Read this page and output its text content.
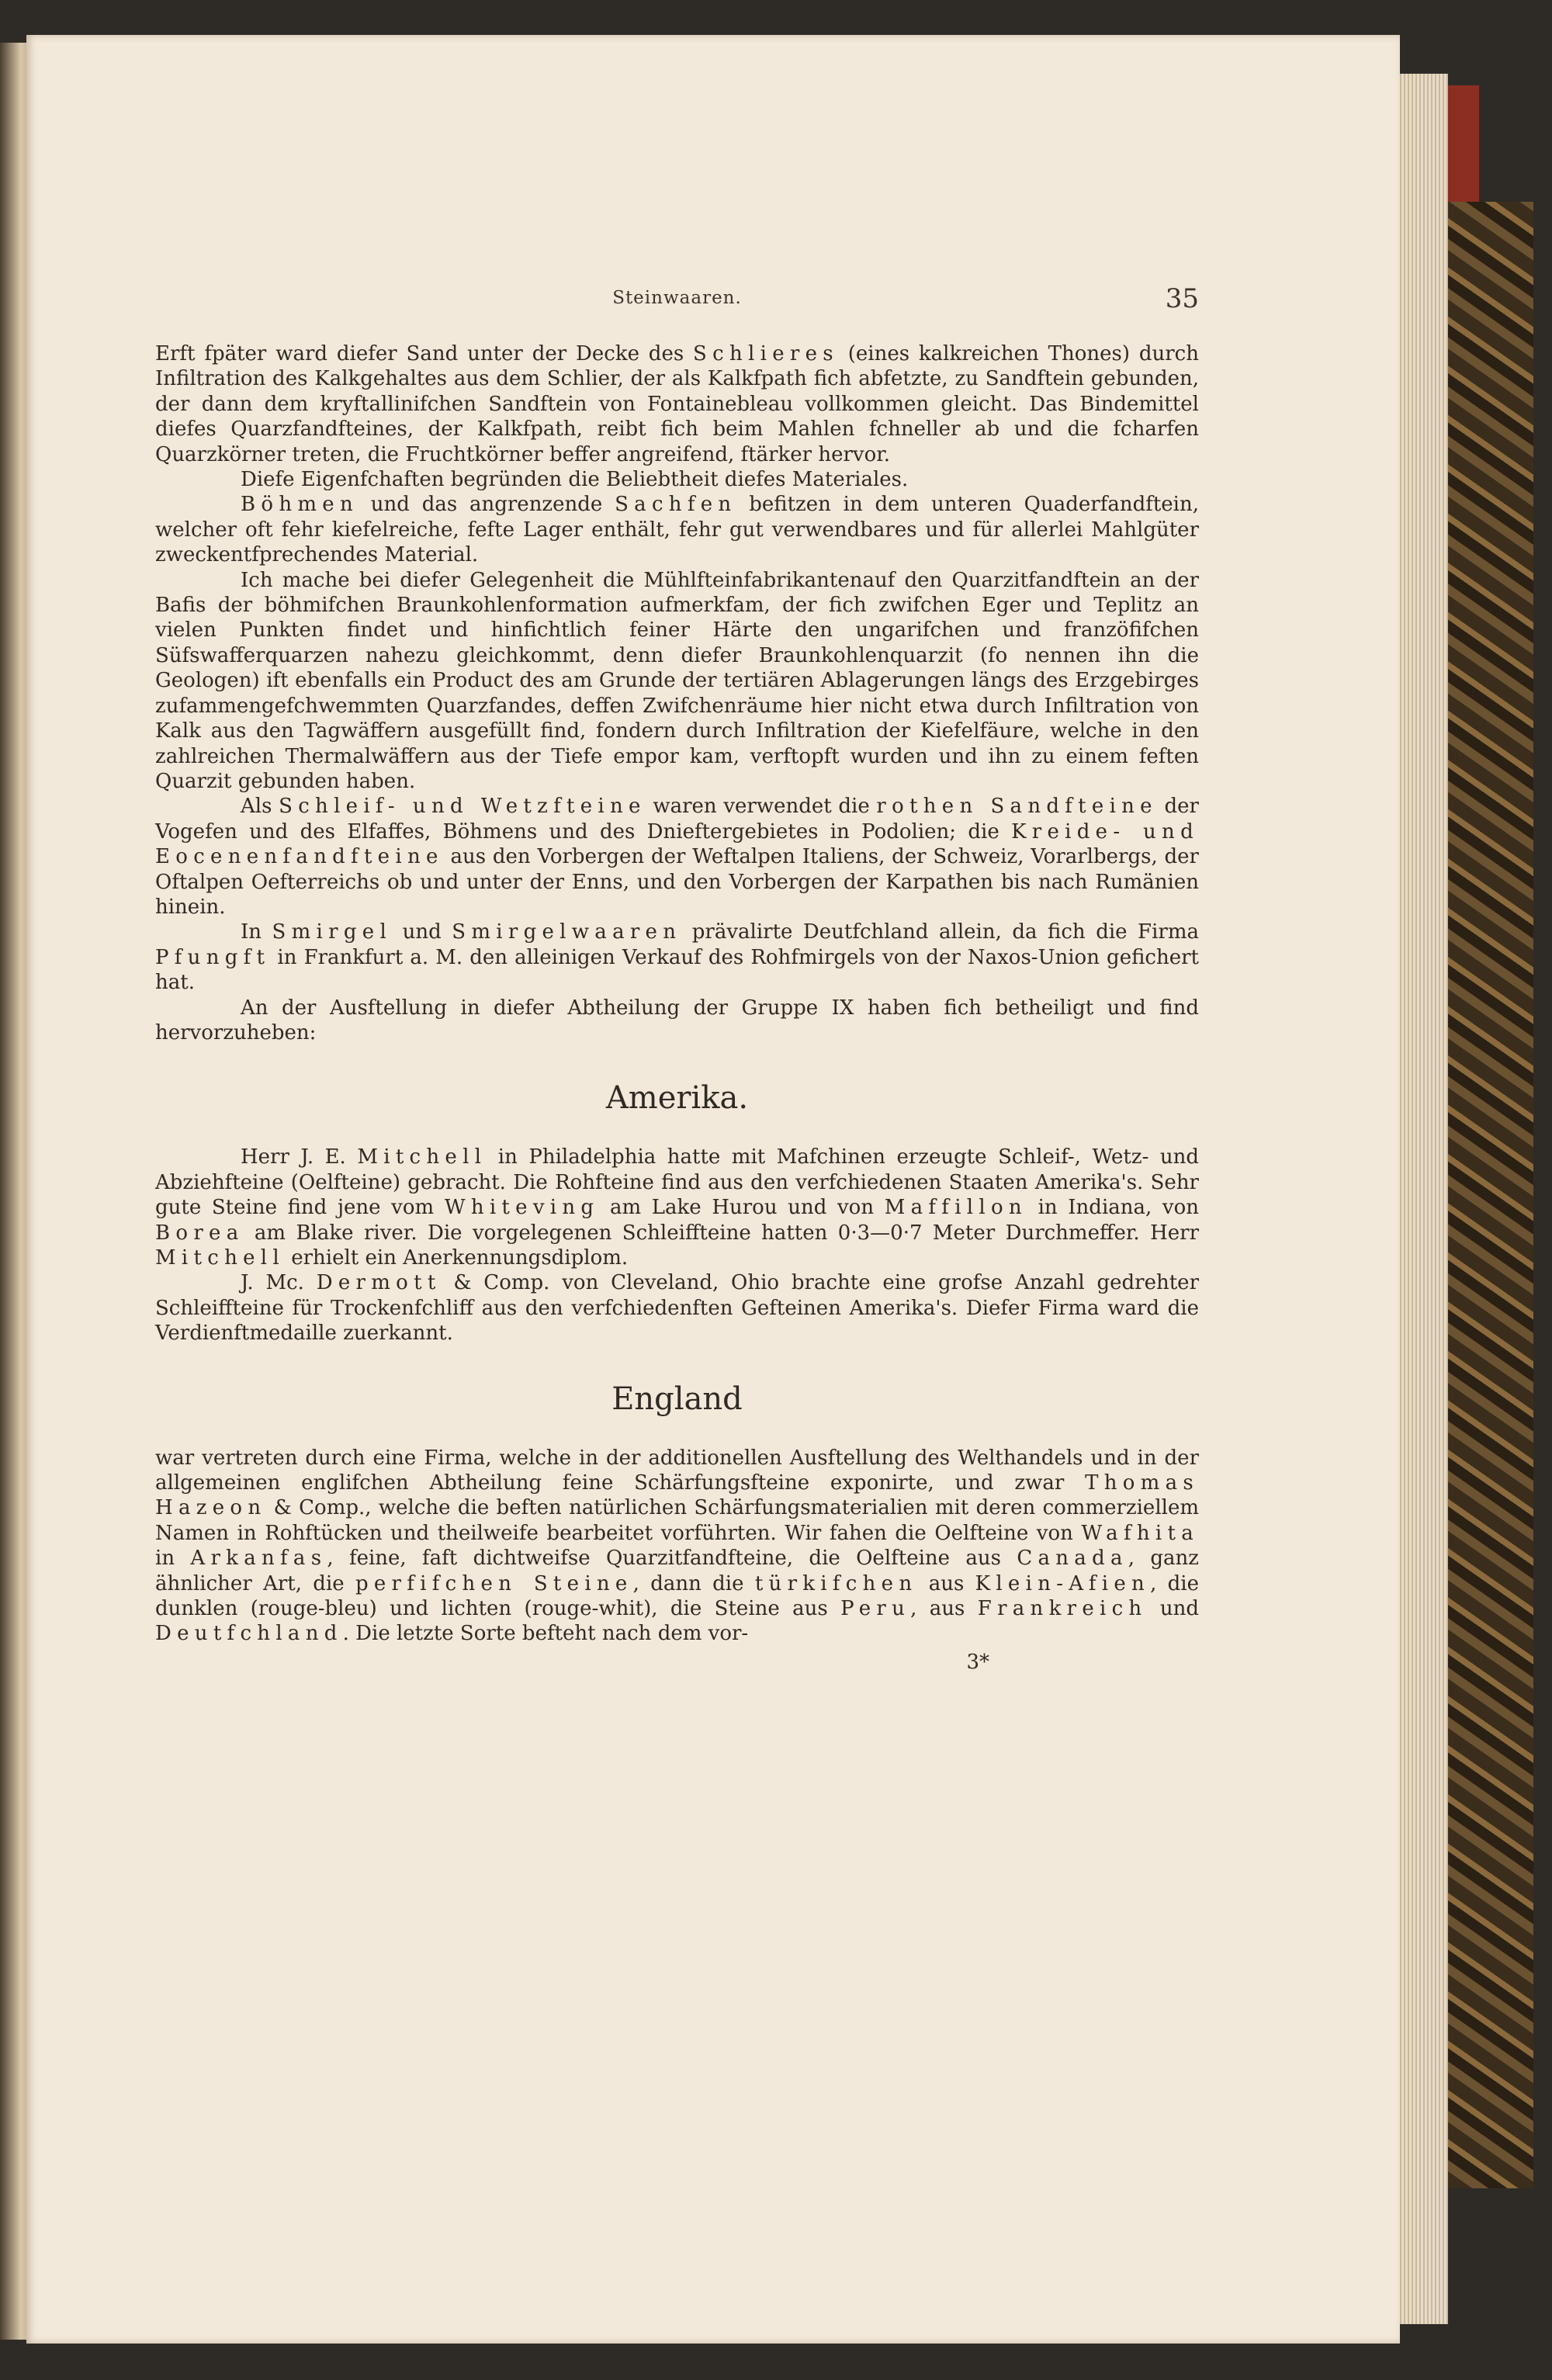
Steinwaaren.	35

Erft fpäter ward diefer Sand unter der Decke des Schlieres (eines kalkreichen Thones) durch Infiltration des Kalkgehaltes aus dem Schlier, der als Kalkfpath fich abfetzte, zu Sandftein gebunden, der dann dem kryftallinifchen Sandftein von Fontainebleau vollkommen gleicht. Das Bindemittel diefes Quarzfandfteines, der Kalkfpath, reibt fich beim Mahlen fchneller ab und die fcharfen Quarzkörner treten, die Fruchtkörner beffer angreifend, ftärker hervor.

Diefe Eigenfchaften begründen die Beliebtheit diefes Materiales.

Böhmen und das angrenzende Sachfen befitzen in dem unteren Quaderfandftein, welcher oft fehr kiefelreiche, fefte Lager enthält, fehr gut verwendbares und für allerlei Mahlgüter zweckentfprechendes Material.

Ich mache bei diefer Gelegenheit die Mühlfteinfabrikantenauf den Quarzitfandftein an der Bafis der böhmifchen Braunkohlenformation aufmerkfam, der fich zwifchen Eger und Teplitz an vielen Punkten findet und hinfichtlich feiner Härte den ungarifchen und franzöfifchen Süfswafferquarzen nahezu gleichkommt, denn diefer Braunkohlenquarzit (fo nennen ihn die Geologen) ift ebenfalls ein Product des am Grunde der tertiären Ablagerungen längs des Erzgebirges zufammengefchwemmten Quarzfandes, deffen Zwifchenräume hier nicht etwa durch Infiltration von Kalk aus den Tagwäffern ausgefüllt find, fondern durch Infiltration der Kiefelfäure, welche in den zahlreichen Thermalwäffern aus der Tiefe empor kam, verftopft wurden und ihn zu einem feften Quarzit gebunden haben.

Als Schleif- und Wetzfteine waren verwendet die rothen Sandfteine der Vogefen und des Elfaffes, Böhmens und des Dnieftergebietes in Podolien; die Kreide- und Eocenenfandfteine aus den Vorbergen der Weftalpen Italiens, der Schweiz, Vorarlbergs, der Oftalpen Oefterreichs ob und unter der Enns, und den Vorbergen der Karpathen bis nach Rumänien hinein.

In Smirgel und Smirgelwaaren prävalirte Deutfchland allein, da fich die Firma Pfungft in Frankfurt a. M. den alleinigen Verkauf des Rohfmirgels von der Naxos-Union gefichert hat.

An der Ausftellung in diefer Abtheilung der Gruppe IX haben fich betheiligt und find hervorzuheben:

Amerika.

Herr J. E. Mitchell in Philadelphia hatte mit Mafchinen erzeugte Schleif-, Wetz- und Abziehfteine (Oelfteine) gebracht. Die Rohfteine find aus den verfchiedenen Staaten Amerika's. Sehr gute Steine find jene vom Whiteving am Lake Hurou und von Maffillon in Indiana, von Borea am Blake river. Die vorgelegenen Schleiffteine hatten 0·3—0·7 Meter Durchmeffer. Herr Mitchell erhielt ein Anerkennungsdiplom.

J. Mc. Dermott & Comp. von Cleveland, Ohio brachte eine grofse Anzahl gedrehter Schleiffteine für Trockenfchliff aus den verfchiedenften Gefteinen Amerika's. Diefer Firma ward die Verdienftmedaille zuerkannt.

England

war vertreten durch eine Firma, welche in der additionellen Ausftellung des Welthandels und in der allgemeinen englifchen Abtheilung feine Schärfungsfteine exponirte, und zwar Thomas Hazeon & Comp., welche die beften natürlichen Schärfungsmaterialien mit deren commerziellem Namen in Rohftücken und theilweife bearbeitet vorführten. Wir fahen die Oelfteine von Wafhita in Arkanfas, feine, faft dichtweifse Quarzitfandfteine, die Oelfteine aus Canada, ganz ähnlicher Art, die perfifchen Steine, dann die türkifchen aus Klein-Afien, die dunklen (rouge-bleu) und lichten (rouge-whit), die Steine aus Peru, aus Frankreich und Deutfchland. Die letzte Sorte befteht nach dem vor-

3*
